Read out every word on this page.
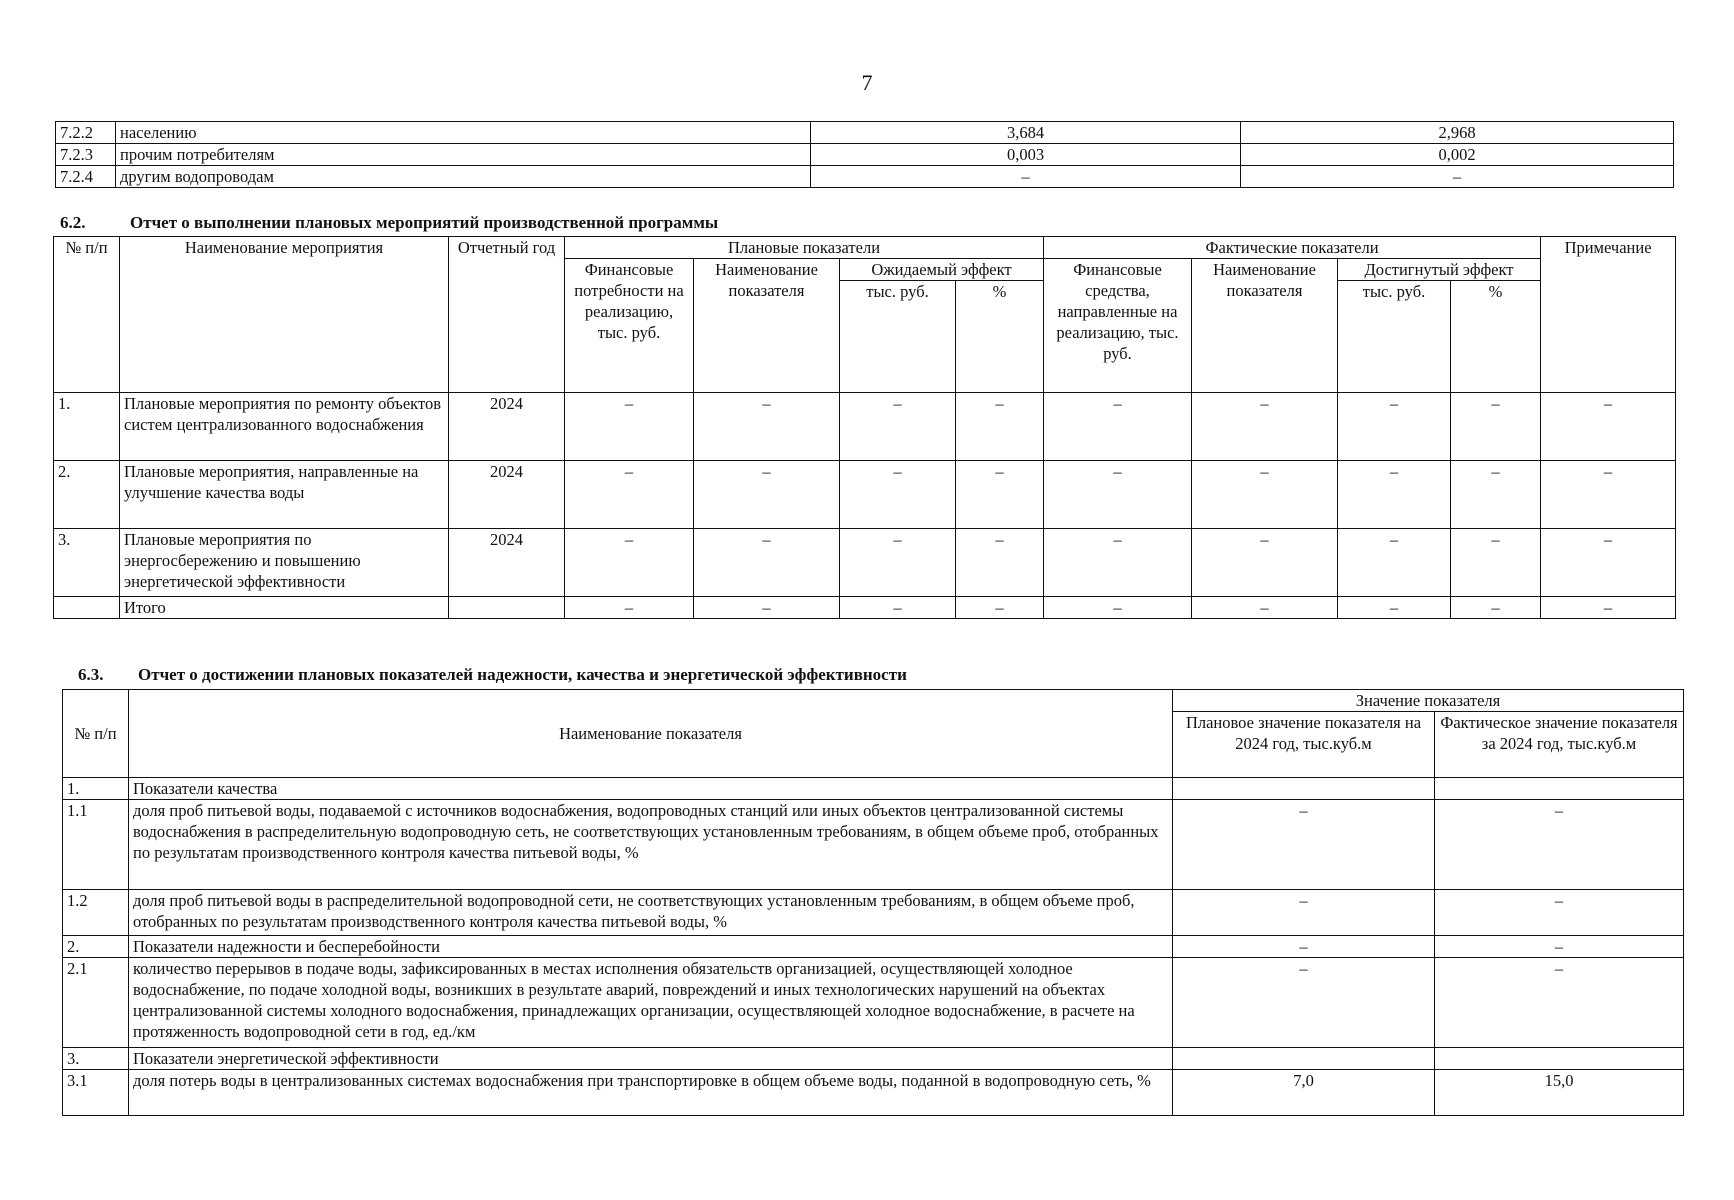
7
7.2.2	населению	3,684	2,968
7.2.3	прочим потребителям	0,003	0,002
7.2.4	другим водопроводам	–	–
6.2.	Отчет о выполнении плановых мероприятий производственной программы
№ п/п	Наименование мероприятия	Отчетный год	Плановые показатели				Фактические показатели				Примечание
			Финансовые потребности на реализацию, тыс. руб.	Наименование показателя	Ожидаемый эффект		Финансовые средства, направленные на реализацию, тыс. руб.	Наименование показателя	Достигнутый эффект		
					тыс. руб.	%			тыс. руб.	%	
1.	Плановые мероприятия по ремонту объектов систем централизованного водоснабжения	2024	–	–	–	–	–	–	–	–	–
2.	Плановые мероприятия, направленные на улучшение качества воды	2024	–	–	–	–	–	–	–	–	–
3.	Плановые мероприятия по энергосбережению и повышению энергетической эффективности	2024	–	–	–	–	–	–	–	–	–
	Итого		–	–	–	–	–	–	–	–	–
6.3. Отчет о достижении плановых показателей надежности, качества и энергетической эффективности
№ п/п	Наименование показателя	Значение показателя	
		Плановое значение показателя на 2024 год, тыс.куб.м	Фактическое значение показателя за 2024 год, тыс.куб.м
1.	Показатели качества		
1.1	доля проб питьевой воды, подаваемой с источников водоснабжения, водопроводных станций или иных объектов централизованной системы водоснабжения в распределительную водопроводную сеть, не соответствующих установленным требованиям, в общем объеме проб, отобранных по результатам производственного контроля качества питьевой воды, %	–	–
1.2	доля проб питьевой воды в распределительной водопроводной сети, не соответствующих установленным требованиям, в общем объеме проб, отобранных по результатам производственного контроля качества питьевой воды, %	–	–
2.	Показатели надежности и бесперебойности	–	–
2.1	количество перерывов в подаче воды, зафиксированных в местах исполнения обязательств организацией, осуществляющей холодное водоснабжение, по подаче холодной воды, возникших в результате аварий, повреждений и иных технологических нарушений на объектах централизованной системы холодного водоснабжения, принадлежащих организации, осуществляющей холодное водоснабжение, в расчете на протяженность водопроводной сети в год, ед./км	–	–
3.	Показатели энергетической эффективности		
3.1	доля потерь воды в централизованных системах водоснабжения при транспортировке в общем объеме воды, поданной в водопроводную сеть, %	7,0	15,0
